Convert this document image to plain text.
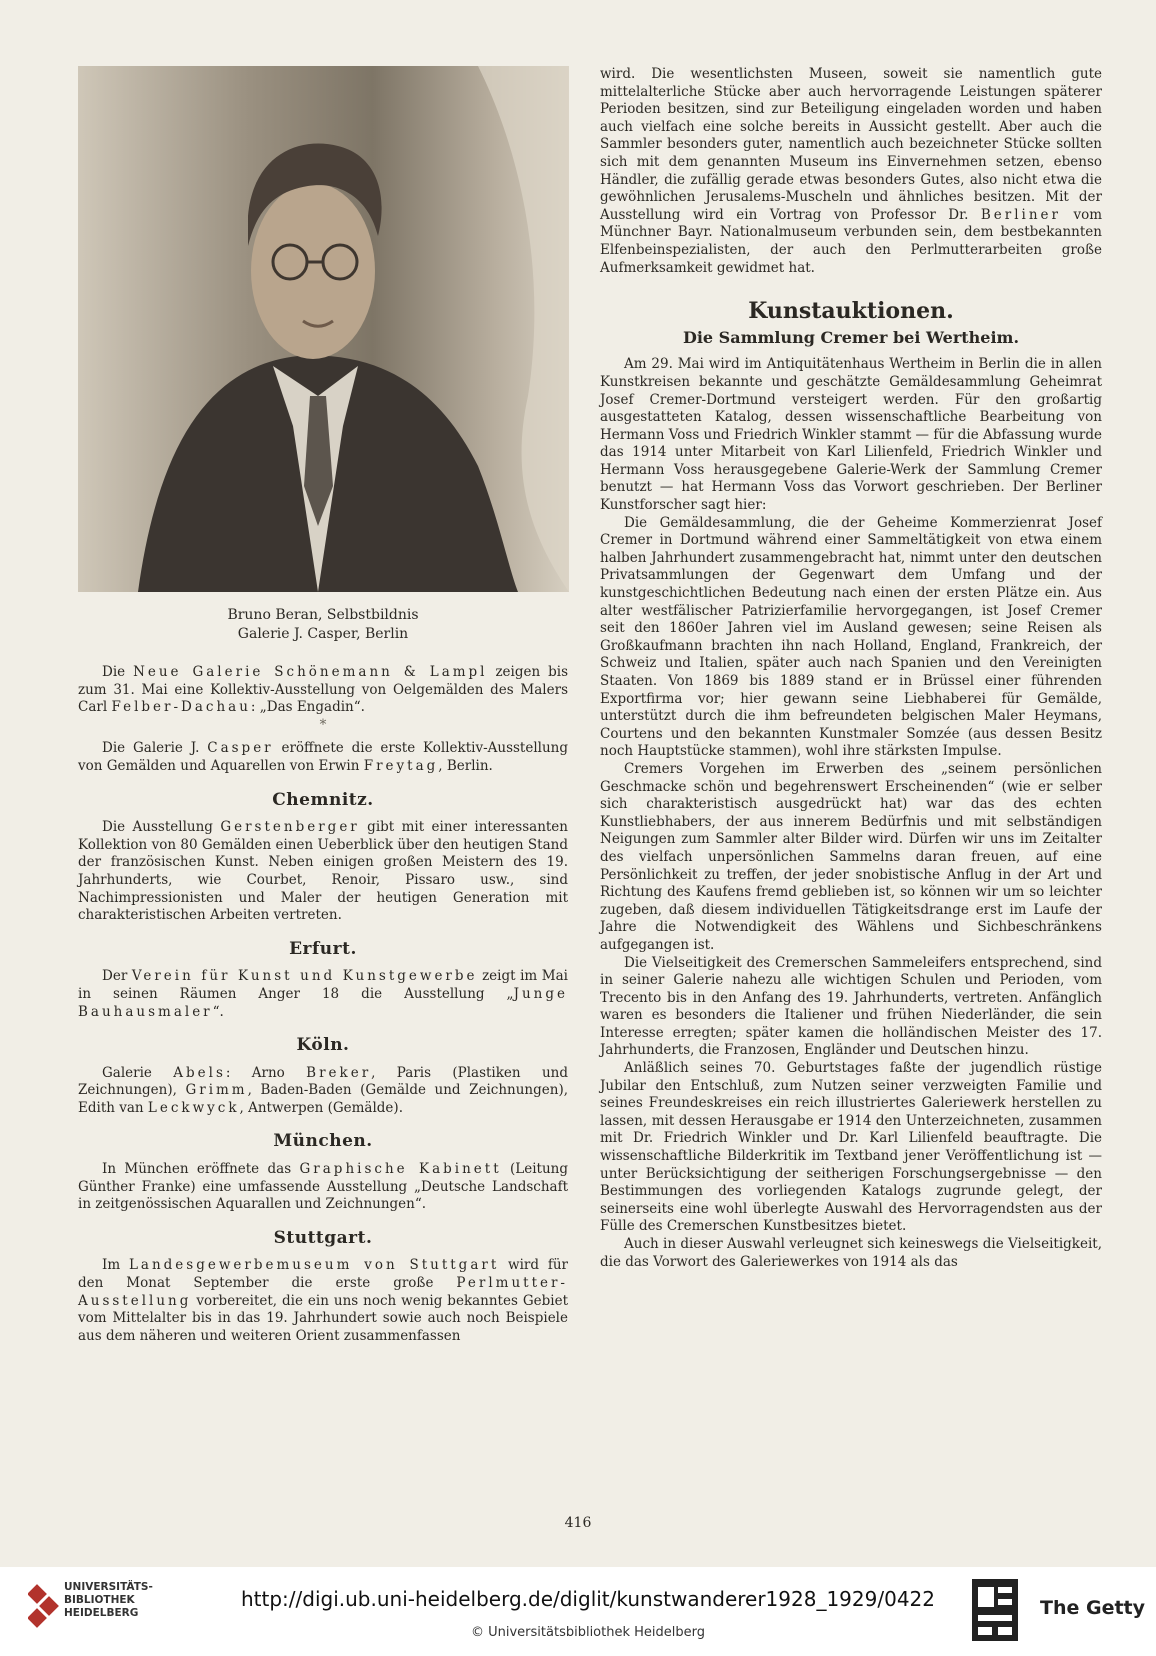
Bruno Beran, Selbstbildnis
Galerie J. Casper, Berlin

Die Neue Galerie Schönemann & Lampl zeigen bis zum 31. Mai eine Kollektiv-Ausstellung von Oelgemälden des Malers Carl Felber-Dachau: „Das Engadin“.

*

Die Galerie J. Casper eröffnete die erste Kollektiv-Ausstellung von Gemälden und Aquarellen von Erwin Freytag, Berlin.

Chemnitz.

Die Ausstellung Gerstenberger gibt mit einer interessanten Kollektion von 80 Gemälden einen Ueberblick über den heutigen Stand der französischen Kunst. Neben einigen großen Meistern des 19. Jahrhunderts, wie Courbet, Renoir, Pissaro usw., sind Nachimpressionisten und Maler der heutigen Generation mit charakteristischen Arbeiten vertreten.

Erfurt.

Der Verein für Kunst und Kunstgewerbe zeigt im Mai in seinen Räumen Anger 18 die Ausstellung „Junge Bauhausmaler“.

Köln.

Galerie Abels: Arno Breker, Paris (Plastiken und Zeichnungen), Grimm, Baden-Baden (Gemälde und Zeichnungen), Edith van Leckwyck, Antwerpen (Gemälde).

München.

In München eröffnete das Graphische Kabinett (Leitung Günther Franke) eine umfassende Ausstellung „Deutsche Landschaft in zeitgenössischen Aquarallen und Zeichnungen“.

Stuttgart.

Im Landesgewerbemuseum von Stuttgart wird für den Monat September die erste große Perlmutter-Ausstellung vorbereitet, die ein uns noch wenig bekanntes Gebiet vom Mittelalter bis in das 19. Jahrhundert sowie auch noch Beispiele aus dem näheren und weiteren Orient zusammenfassen

wird. Die wesentlichsten Museen, soweit sie namentlich gute mittelalterliche Stücke aber auch hervorragende Leistungen späterer Perioden besitzen, sind zur Beteiligung eingeladen worden und haben auch vielfach eine solche bereits in Aussicht gestellt. Aber auch die Sammler besonders guter, namentlich auch bezeichneter Stücke sollten sich mit dem genannten Museum ins Einvernehmen setzen, ebenso Händler, die zufällig gerade etwas besonders Gutes, also nicht etwa die gewöhnlichen Jerusalems-Muscheln und ähnliches besitzen. Mit der Ausstellung wird ein Vortrag von Professor Dr. Berliner vom Münchner Bayr. Nationalmuseum verbunden sein, dem bestbekannten Elfenbeinspezialisten, der auch den Perlmutterarbeiten große Aufmerksamkeit gewidmet hat.

Kunstauktionen.
Die Sammlung Cremer bei Wertheim.

Am 29. Mai wird im Antiquitätenhaus Wertheim in Berlin die in allen Kunstkreisen bekannte und geschätzte Gemäldesammlung Geheimrat Josef Cremer-Dortmund versteigert werden. Für den großartig ausgestatteten Katalog, dessen wissenschaftliche Bearbeitung von Hermann Voss und Friedrich Winkler stammt — für die Abfassung wurde das 1914 unter Mitarbeit von Karl Lilienfeld, Friedrich Winkler und Hermann Voss herausgegebene Galerie-Werk der Sammlung Cremer benutzt — hat Hermann Voss das Vorwort geschrieben. Der Berliner Kunstforscher sagt hier:

Die Gemäldesammlung, die der Geheime Kommerzienrat Josef Cremer in Dortmund während einer Sammeltätigkeit von etwa einem halben Jahrhundert zusammengebracht hat, nimmt unter den deutschen Privatsammlungen der Gegenwart dem Umfang und der kunstgeschichtlichen Bedeutung nach einen der ersten Plätze ein. Aus alter westfälischer Patrizierfamilie hervorgegangen, ist Josef Cremer seit den 1860er Jahren viel im Ausland gewesen; seine Reisen als Großkaufmann brachten ihn nach Holland, England, Frankreich, der Schweiz und Italien, später auch nach Spanien und den Vereinigten Staaten. Von 1869 bis 1889 stand er in Brüssel einer führenden Exportfirma vor; hier gewann seine Liebhaberei für Gemälde, unterstützt durch die ihm befreundeten belgischen Maler Heymans, Courtens und den bekannten Kunstmaler Somzée (aus dessen Besitz noch Hauptstücke stammen), wohl ihre stärksten Impulse.

Cremers Vorgehen im Erwerben des „seinem persönlichen Geschmacke schön und begehrenswert Erscheinenden“ (wie er selber sich charakteristisch ausgedrückt hat) war das des echten Kunstliebhabers, der aus innerem Bedürfnis und mit selbständigen Neigungen zum Sammler alter Bilder wird. Dürfen wir uns im Zeitalter des vielfach unpersönlichen Sammelns daran freuen, auf eine Persönlichkeit zu treffen, der jeder snobistische Anflug in der Art und Richtung des Kaufens fremd geblieben ist, so können wir um so leichter zugeben, daß diesem individuellen Tätigkeitsdrange erst im Laufe der Jahre die Notwendigkeit des Wählens und Sichbeschränkens aufgegangen ist.

Die Vielseitigkeit des Cremerschen Sammeleifers entsprechend, sind in seiner Galerie nahezu alle wichtigen Schulen und Perioden, vom Trecento bis in den Anfang des 19. Jahrhunderts, vertreten. Anfänglich waren es besonders die Italiener und frühen Niederländer, die sein Interesse erregten; später kamen die holländischen Meister des 17. Jahrhunderts, die Franzosen, Engländer und Deutschen hinzu.

Anläßlich seines 70. Geburtstages faßte der jugendlich rüstige Jubilar den Entschluß, zum Nutzen seiner verzweigten Familie und seines Freundeskreises ein reich illustriertes Galeriewerk herstellen zu lassen, mit dessen Herausgabe er 1914 den Unterzeichneten, zusammen mit Dr. Friedrich Winkler und Dr. Karl Lilienfeld beauftragte. Die wissenschaftliche Bilderkritik im Textband jener Veröffentlichung ist — unter Berücksichtigung der seitherigen Forschungsergebnisse — den Bestimmungen des vorliegenden Katalogs zugrunde gelegt, der seinerseits eine wohl überlegte Auswahl des Hervorragendsten aus der Fülle des Cremerschen Kunstbesitzes bietet.

Auch in dieser Auswahl verleugnet sich keineswegs die Vielseitigkeit, die das Vorwort des Galeriewerkes von 1914 als das

416
UNIVERSITÄTS-
BIBLIOTHEK
HEIDELBERG
http://digi.ub.uni-heidelberg.de/diglit/kunstwanderer1928_1929/0422
© Universitätsbibliothek Heidelberg
The Getty
